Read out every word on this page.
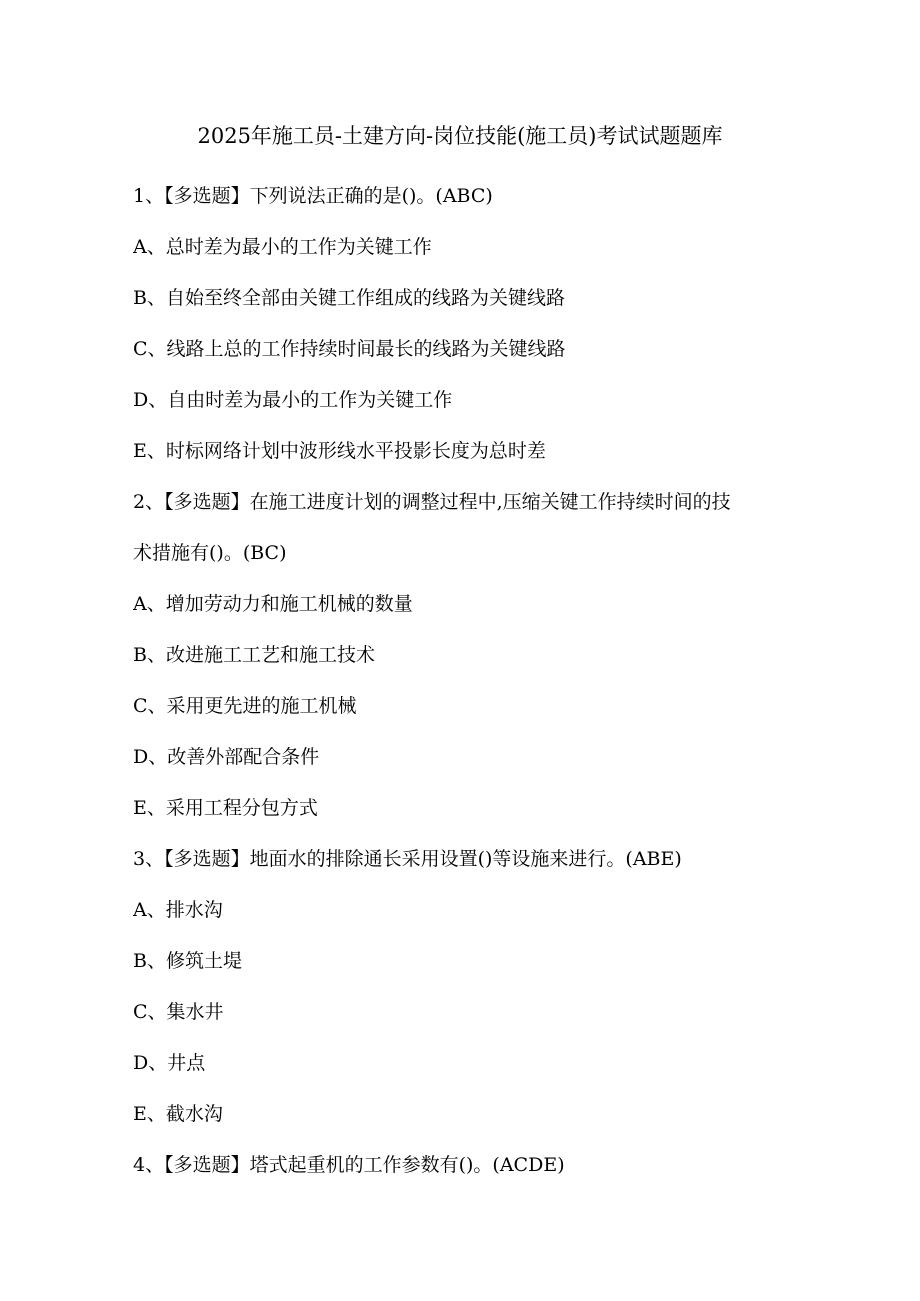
2025年施工员-土建方向-岗位技能(施工员)考试试题题库
1、【多选题】下列说法正确的是()。(ABC)
A、总时差为最小的工作为关键工作
B、自始至终全部由关键工作组成的线路为关键线路
C、线路上总的工作持续时间最长的线路为关键线路
D、自由时差为最小的工作为关键工作
E、时标网络计划中波形线水平投影长度为总时差
2、【多选题】在施工进度计划的调整过程中,压缩关键工作持续时间的技
术措施有()。(BC)
A、增加劳动力和施工机械的数量
B、改进施工工艺和施工技术
C、采用更先进的施工机械
D、改善外部配合条件
E、采用工程分包方式
3、【多选题】地面水的排除通长采用设置()等设施来进行。(ABE)
A、排水沟
B、修筑土堤
C、集水井
D、井点
E、截水沟
4、【多选题】塔式起重机的工作参数有()。(ACDE)
